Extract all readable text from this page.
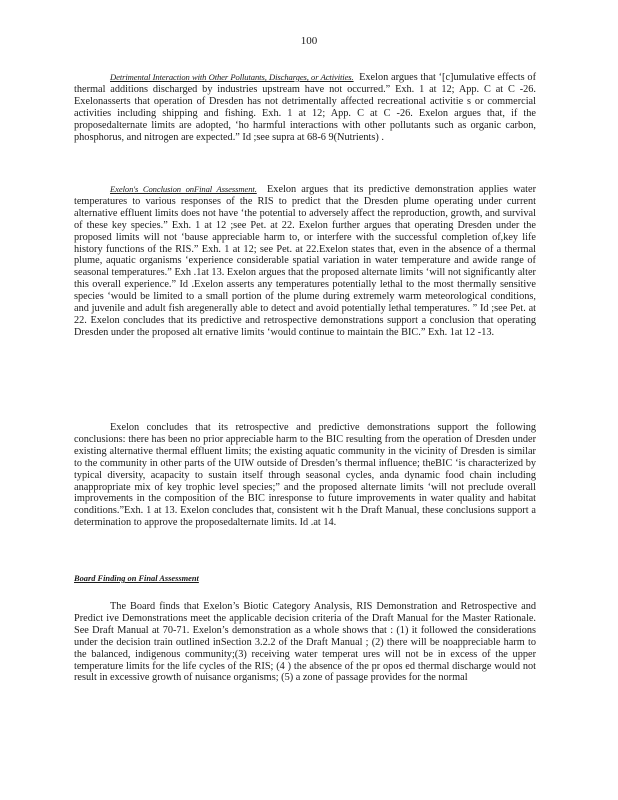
100

Detrimental Interaction with Other Pollutants, Discharges, or Activities. Exelon argues that ‘[c]umulative effects of thermal additions discharged by industries upstream have not occurred.” Exh. 1 at 12; App. C at C -26. Exelonasserts that operation of Dresden has not detrimentally affected recreational activitie s or commercial activities including shipping and fishing. Exh. 1 at 12; App. C at C -26. Exelon argues that, if the proposedalternate limits are adopted, ‘ho harmful interactions with other pollutants such as organic carbon, phosphorus, and nitrogen are expected.” Id ;see supra at 68-6 9(Nutrients) .

Exelon's Conclusion onFinal Assessment. Exelon argues that its predictive demonstration applies water temperatures to various responses of the RIS to predict that the Dresden plume operating under current alternative effluent limits does not have ‘the potential to adversely affect the reproduction, growth, and survival of these key species.” Exh. 1 at 12 ;see Pet. at 22. Exelon further argues that operating Dresden under the proposed limits will not ‘bause appreciable harm to, or interfere with the successful completion of,key life history functions of the RIS.” Exh. 1 at 12; see Pet. at 22.Exelon states that, even in the absence of a thermal plume, aquatic organisms ‘experience considerable spatial variation in water temperature and awide range of seasonal temperatures.” Exh .1at 13. Exelon argues that the proposed alternate limits ‘will not significantly alter this overall experience.” Id .Exelon asserts any temperatures potentially lethal to the most thermally sensitive species ‘would be limited to a small portion of the plume during extremely warm meteorological conditions, and juvenile and adult fish aregenerally able to detect and avoid potentially lethal temperatures. ” Id ;see Pet. at 22. Exelon concludes that its predictive and retrospective demonstrations support a conclusion that operating Dresden under the proposed alt ernative limits ‘would continue to maintain the BIC.” Exh. 1at 12 -13.

Exelon concludes that its retrospective and predictive demonstrations support the following conclusions: there has been no prior appreciable harm to the BIC resulting from the operation of Dresden under existing alternative thermal effluent limits; the existing aquatic community in the vicinity of Dresden is similar to the community in other parts of the UIW outside of Dresden’s thermal influence; theBIC ‘is characterized by typical diversity, acapacity to sustain itself through seasonal cycles, anda dynamic food chain including anappropriate mix of key trophic level species;” and the proposed alternate limits ‘will not preclude overall improvements in the composition of the BIC inresponse to future improvements in water quality and habitat conditions.”Exh. 1 at 13. Exelon concludes that, consistent wit h the Draft Manual, these conclusions support a determination to approve the proposedalternate limits. Id .at 14.

Board Finding on Final Assessment

The Board finds that Exelon’s Biotic Category Analysis, RIS Demonstration and Retrospective and Predict ive Demonstrations meet the applicable decision criteria of the Draft Manual for the Master Rationale. See Draft Manual at 70-71. Exelon’s demonstration as a whole shows that : (1) it followed the considerations under the decision train outlined inSection 3.2.2 of the Draft Manual ; (2) there will be noappreciable harm to the balanced, indigenous community;(3) receiving water temperat ures will not be in excess of the upper temperature limits for the life cycles of the RIS; (4 ) the absence of the pr opos ed thermal discharge would not result in excessive growth of nuisance organisms; (5) a zone of passage provides for the normal
